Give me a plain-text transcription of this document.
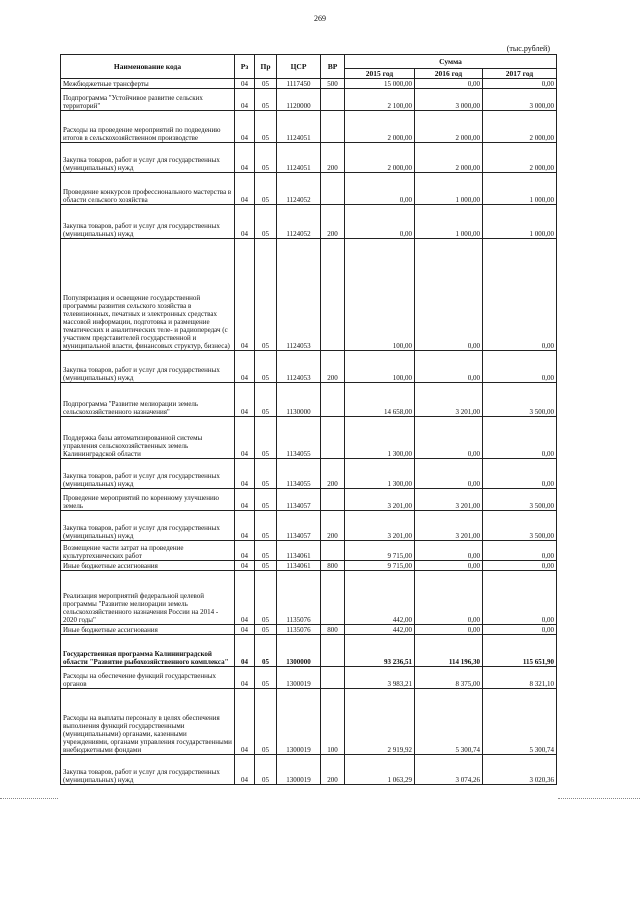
269
(тыс.рублей)
Наименование кода	Рз	Пр	ЦСР	ВР	Сумма		
					2015 год	2016 год	2017 год
Межбюджетные трансферты	04	05	1117450	500	15 000,00	0,00	0,00
Подпрограмма "Устойчивое развитие сельских территорий"	04	05	1120000		2 100,00	3 000,00	3 000,00
Расходы на проведение мероприятий по подведению итогов в сельскохозяйственном производстве	04	05	1124051		2 000,00	2 000,00	2 000,00
Закупка товаров, работ и услуг для государственных (муниципальных) нужд	04	05	1124051	200	2 000,00	2 000,00	2 000,00
Проведение конкурсов профессионального мастерства в области сельского хозяйства	04	05	1124052		0,00	1 000,00	1 000,00
Закупка товаров, работ и услуг для государственных (муниципальных) нужд	04	05	1124052	200	0,00	1 000,00	1 000,00
Популяризация и освещение государственной программы развития сельского хозяйства в телевизионных, печатных и электронных средствах массовой информации, подготовка и размещение тематических и аналитических теле- и радиопередач (с участием представителей государственной и муниципальной власти, финансовых структур, бизнеса)	04	05	1124053		100,00	0,00	0,00
Закупка товаров, работ и услуг для государственных (муниципальных) нужд	04	05	1124053	200	100,00	0,00	0,00
Подпрограмма "Развитие мелиорации земель сельскохозяйственного назначения"	04	05	1130000		14 658,00	3 201,00	3 500,00
Поддержка базы автоматизированной системы управления сельскохозяйственных земель Калининградской области	04	05	1134055		1 300,00	0,00	0,00
Закупка товаров, работ и услуг для государственных (муниципальных) нужд	04	05	1134055	200	1 300,00	0,00	0,00
Проведение мероприятий по коренному улучшению земель	04	05	1134057		3 201,00	3 201,00	3 500,00
Закупка товаров, работ и услуг для государственных (муниципальных) нужд	04	05	1134057	200	3 201,00	3 201,00	3 500,00
Возмещение части затрат на проведение культуртехнических работ	04	05	1134061		9 715,00	0,00	0,00
Иные бюджетные ассигнования	04	05	1134061	800	9 715,00	0,00	0,00
Реализация мероприятий федеральной целевой программы "Развитие мелиорации земель сельскохозяйственного назначения России на 2014 - 2020 годы"	04	05	1135076		442,00	0,00	0,00
Иные бюджетные ассигнования	04	05	1135076	800	442,00	0,00	0,00
Государственная программа Калининградской области "Развитие рыбохозяйственного комплекса"	04	05	1300000		93 236,51	114 196,30	115 651,90
Расходы на обеспечение функций государственных органов	04	05	1300019		3 983,21	8 375,00	8 321,10
Расходы на выплаты персоналу в целях обеспечения выполнения функций государственными (муниципальными) органами, казенными учреждениями, органами управления государственными внебюджетными фондами	04	05	1300019	100	2 919,92	5 300,74	5 300,74
Закупка товаров, работ и услуг для государственных (муниципальных) нужд	04	05	1300019	200	1 063,29	3 074,26	3 020,36
